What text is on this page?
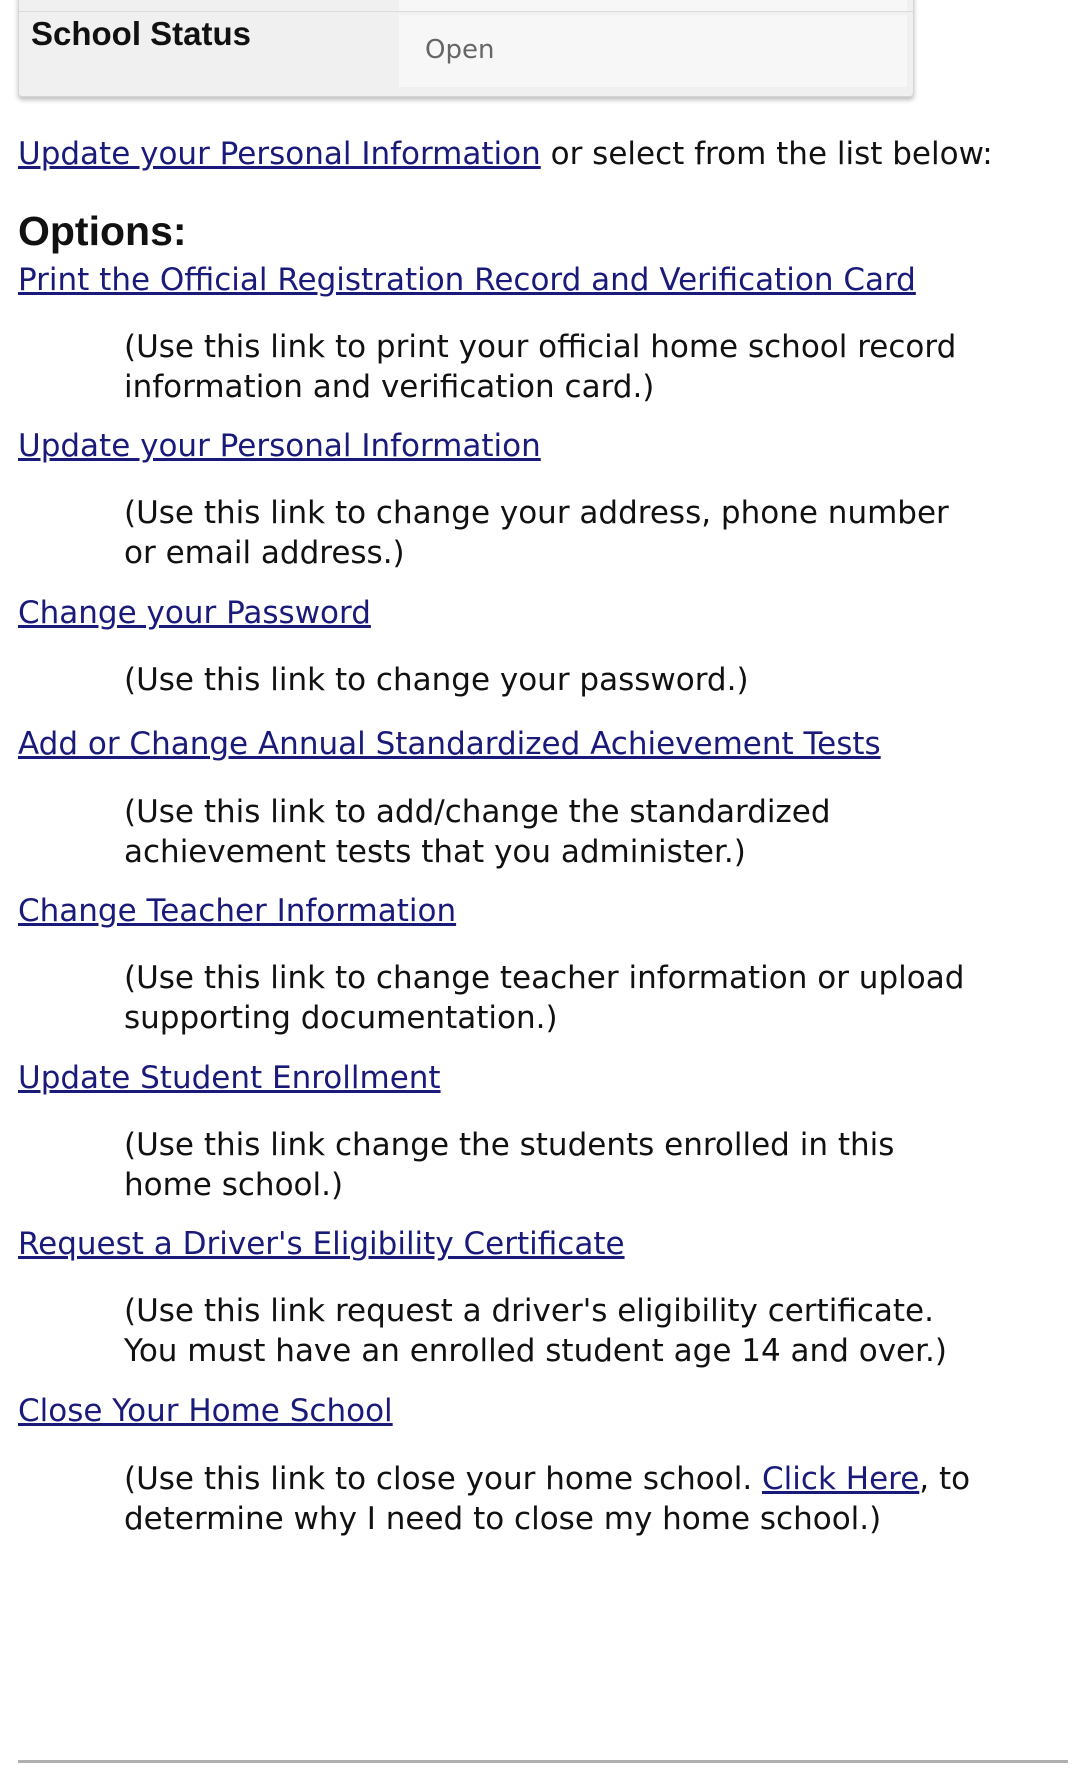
School Status	Open
Update your Personal Information or select from the list below:
Options:
Print the Official Registration Record and Verification Card
(Use this link to print your official home school record information and verification card.)
Update your Personal Information
(Use this link to change your address, phone number or email address.)
Change your Password
(Use this link to change your password.)
Add or Change Annual Standardized Achievement Tests
(Use this link to add/change the standardized achievement tests that you administer.)
Change Teacher Information
(Use this link to change teacher information or upload supporting documentation.)
Update Student Enrollment
(Use this link change the students enrolled in this home school.)
Request a Driver's Eligibility Certificate
(Use this link request a driver's eligibility certificate. You must have an enrolled student age 14 and over.)
Close Your Home School
(Use this link to close your home school. Click Here, to determine why I need to close my home school.)
